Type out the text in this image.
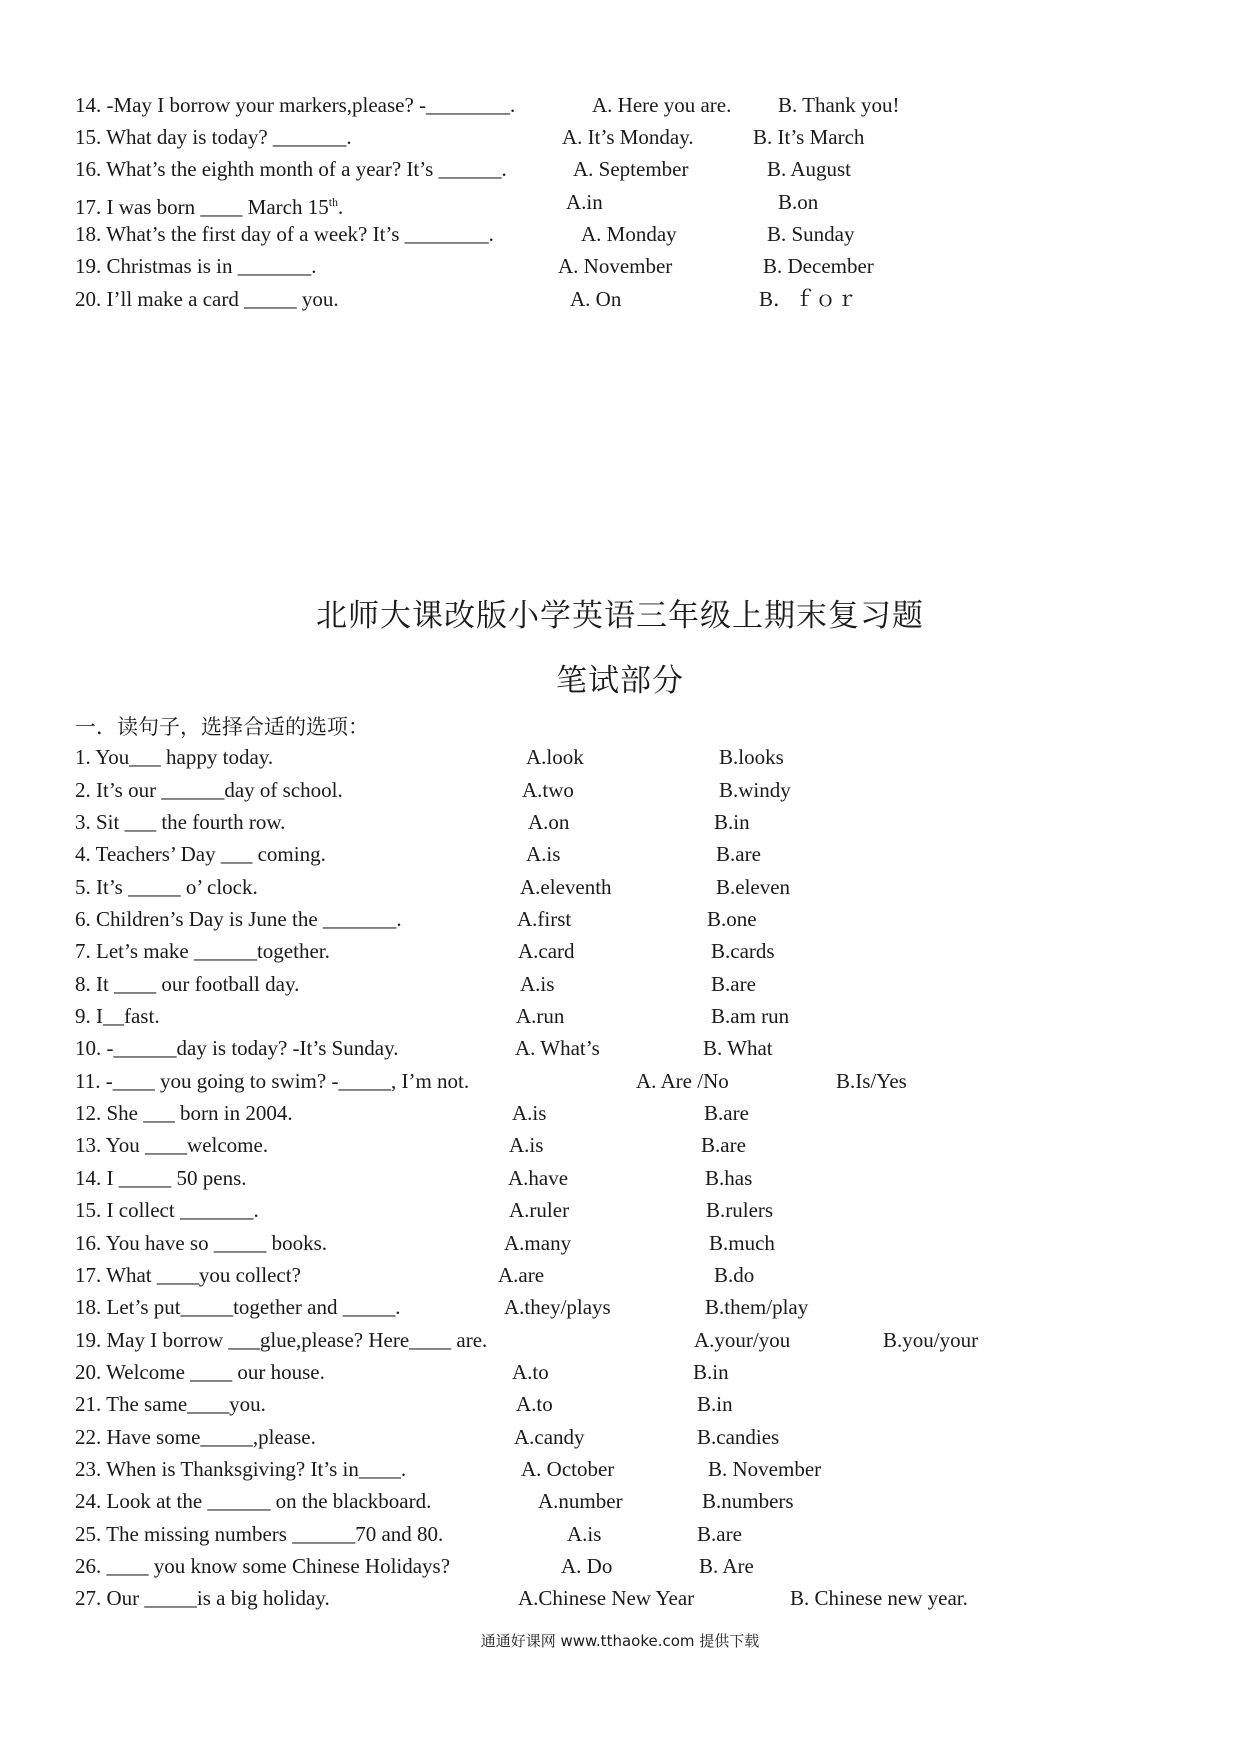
14. -May I borrow your markers,please? -________.	A. Here you are. B. Thank you!
15. What day is today? _______.	A. It’s Monday.	B. It’s March
16. What’s the eighth month of a year? It’s ______.	A. September	B. August
17. I was born ____ March 15th.	A.in	B.on
18. What’s the first day of a week? It’s ________.	A. Monday	B. Sunday
19. Christmas is in _______.	A. November	B. December
20. I’ll make a card _____ you.	A. On	B．ｆｏｒ
北师大课改版小学英语三年级上期末复习题
笔试部分
一．读句子，选择合适的选项：
1. You___ happy today.	A.look	B.looks
2. It’s our ______day of school.	A.two	B.windy
3. Sit ___ the fourth row.	A.on	B.in
4. Teachers’ Day ___ coming.	A.is	B.are
5. It’s _____ o’ clock.	A.eleventh	B.eleven
6. Children’s Day is June the _______.	A.first	B.one
7. Let’s make ______together.	A.card	B.cards
8. It ____ our football day.	A.is	B.are
9. I__fast.	A.run	B.am run
10. -______day is today? -It’s Sunday.	A. What’s	B. What
11. -____ you going to swim? -_____, I’m not.	A. Are /No	B.Is/Yes
12. She ___ born in 2004.	A.is	B.are
13. You ____welcome.	A.is	B.are
14. I _____ 50 pens.	A.have	B.has
15. I collect _______.	A.ruler	B.rulers
16. You have so _____ books.	A.many	B.much
17. What ____you collect?	A.are	B.do
18. Let’s put_____together and _____.	A.they/plays	B.them/play
19. May I borrow ___glue,please? Here____ are.	A.your/you	B.you/your
20. Welcome ____ our house.	A.to	B.in
21. The same____you.	A.to	B.in
22. Have some_____,please.	A.candy	B.candies
23. When is Thanksgiving? It’s in____.	A. October	B. November
24. Look at the ______ on the blackboard.	A.number	B.numbers
25. The missing numbers ______70 and 80.	A.is	B.are
26. ____ you know some Chinese Holidays?	A. Do	B. Are
27. Our _____is a big holiday.	A.Chinese New Year	B. Chinese new year.
通通好课网 www.tthaoke.com 提供下载
